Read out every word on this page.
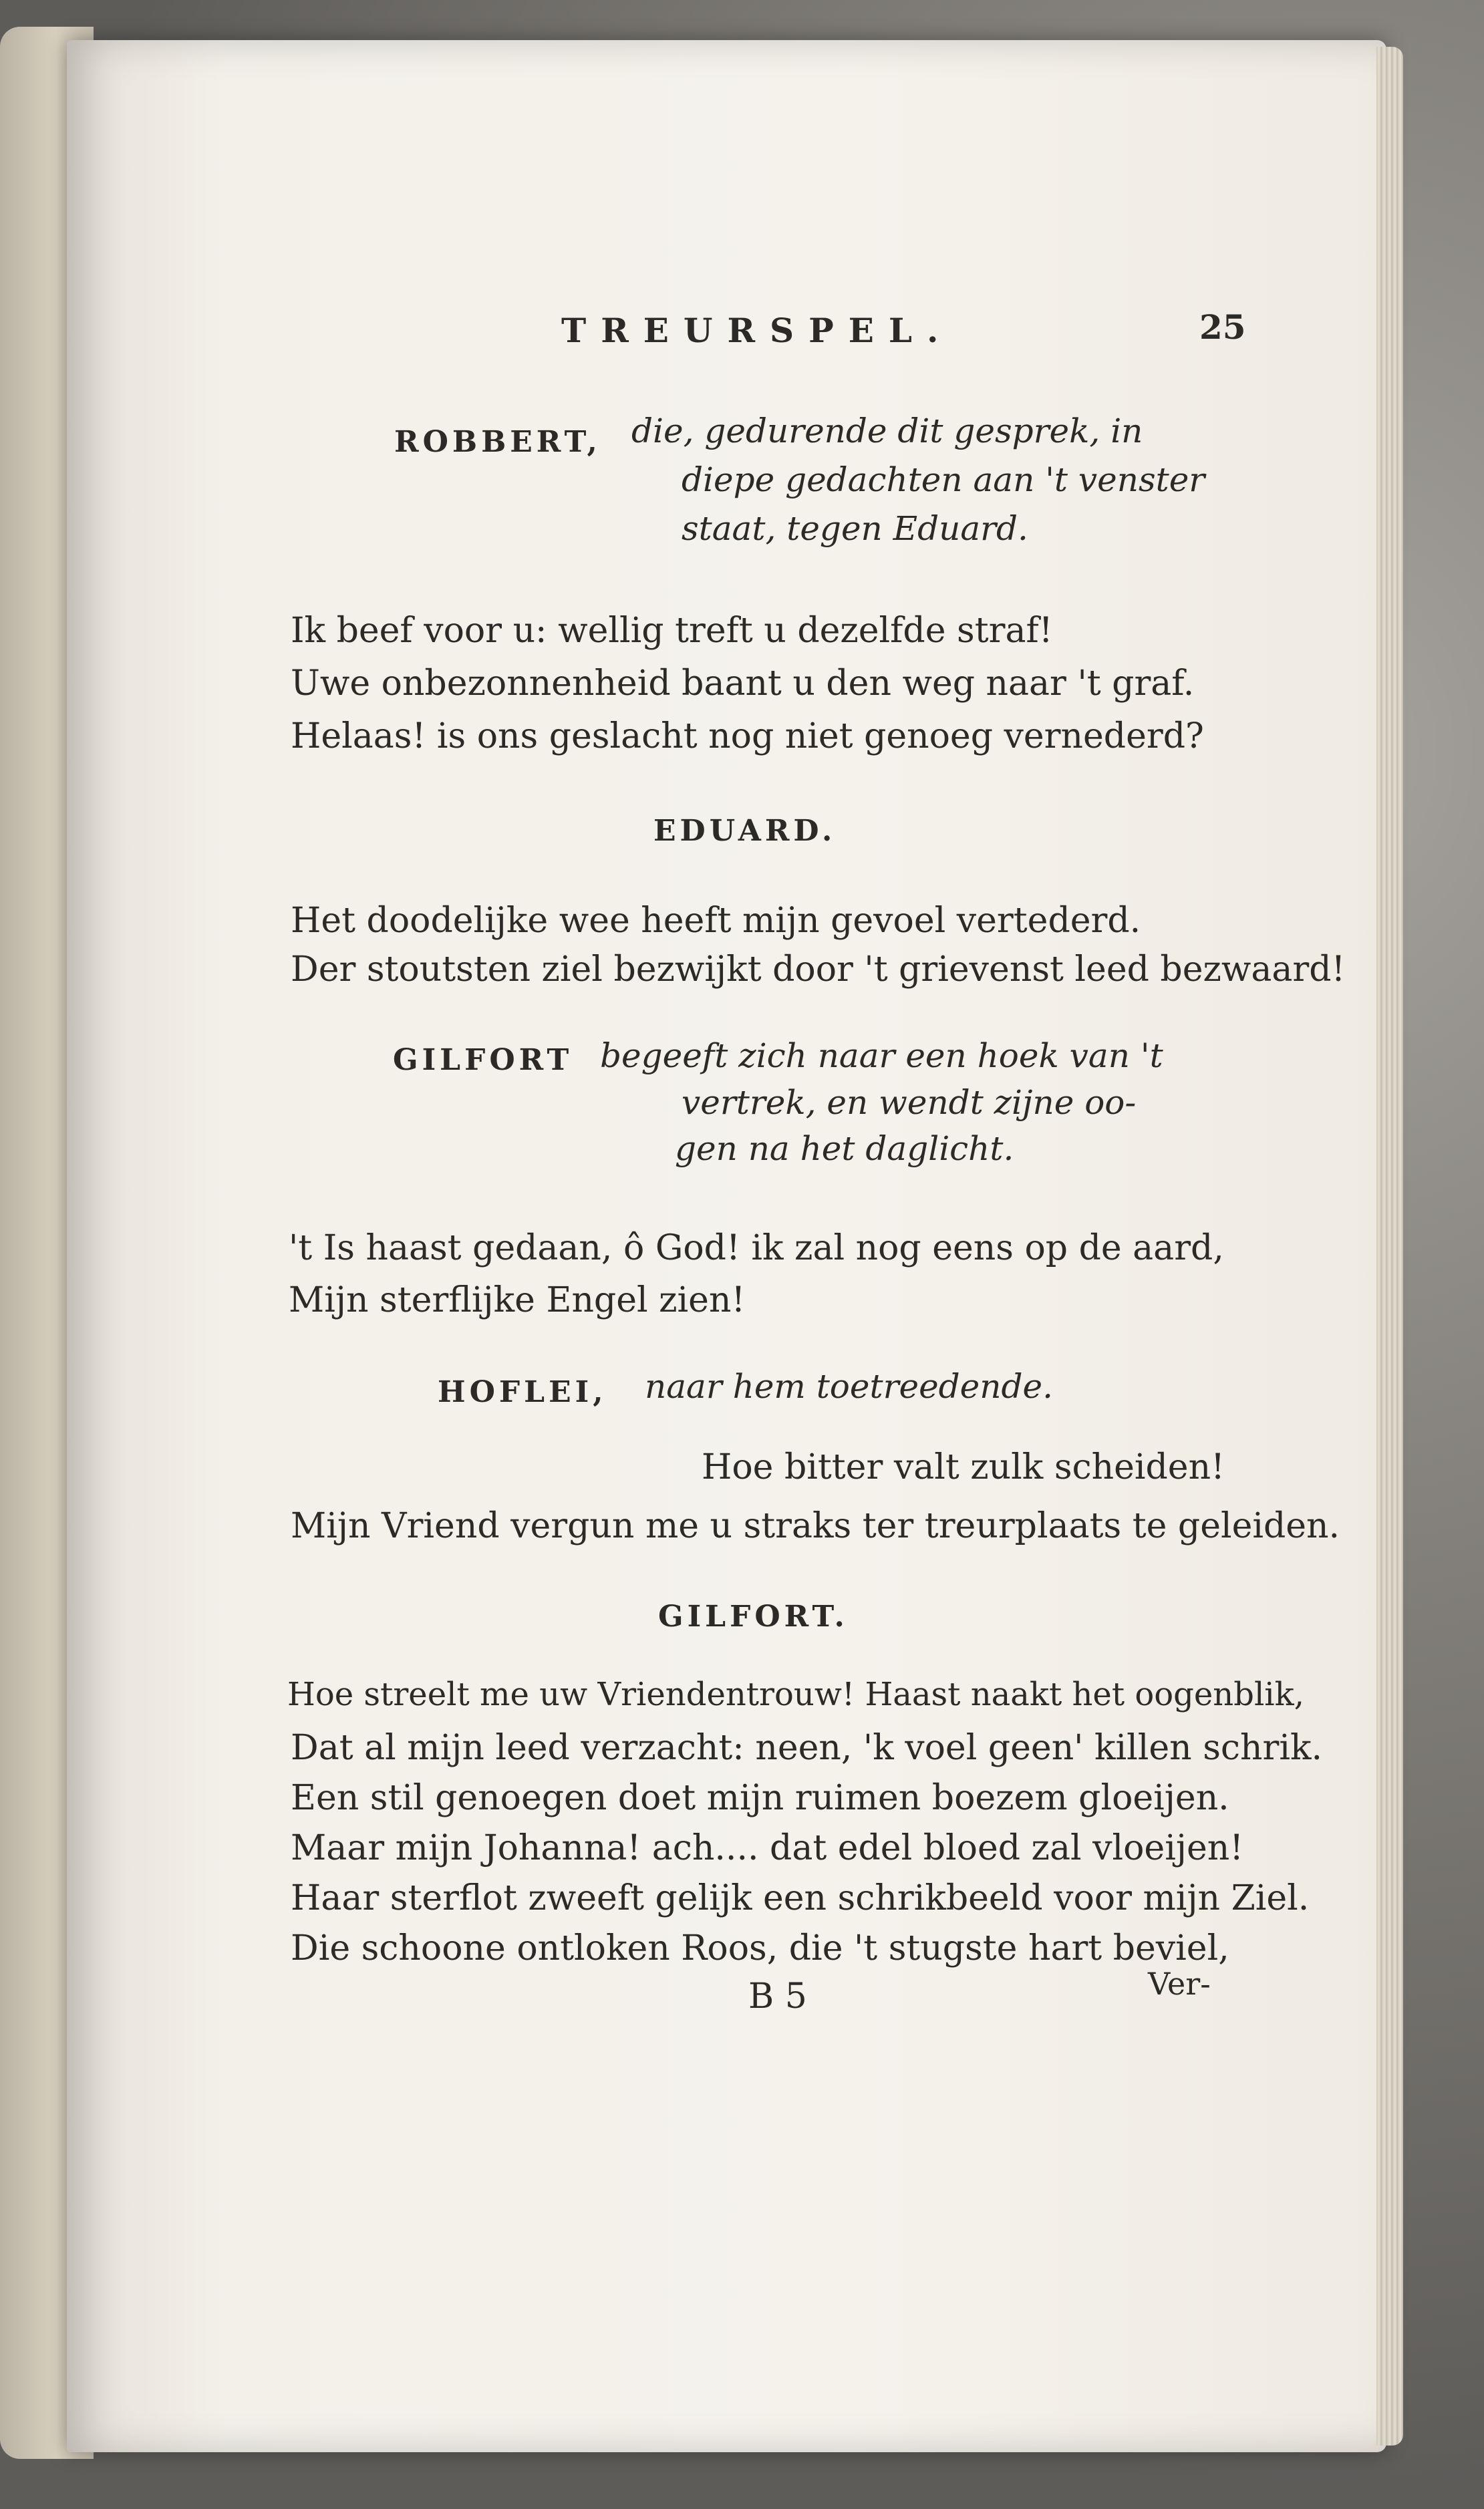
TREURSPEL.	25
ROBBERT, die, gedurende dit gesprek, in
diepe gedachten aan 't venster
staat, tegen Eduard.
Ik beef voor u: wellig treft u dezelfde straf!
Uwe onbezonnenheid baant u den weg naar 't graf.
Helaas! is ons geslacht nog niet genoeg vernederd?
EDUARD.
Het doodelijke wee heeft mijn gevoel vertederd.
Der stoutsten ziel bezwijkt door 't grievenst leed bezwaard!
GILFORT begeeft zich naar een hoek van 't
vertrek, en wendt zijne oo-
gen na het daglicht.
't Is haast gedaan, ô God! ik zal nog eens op de aard,
Mijn sterflijke Engel zien!
HOFLEI, naar hem toetreedende.
Hoe bitter valt zulk scheiden!
Mijn Vriend vergun me u straks ter treurplaats te geleiden.
GILFORT.
Hoe streelt me uw Vriendentrouw! Haast naakt het oogenblik,
Dat al mijn leed verzacht: neen, 'k voel geen' killen schrik.
Een stil genoegen doet mijn ruimen boezem gloeijen.
Maar mijn Johanna! ach.... dat edel bloed zal vloeijen!
Haar sterflot zweeft gelijk een schrikbeeld voor mijn Ziel.
Die schoone ontloken Roos, die 't stugste hart beviel,
B 5	Ver-
